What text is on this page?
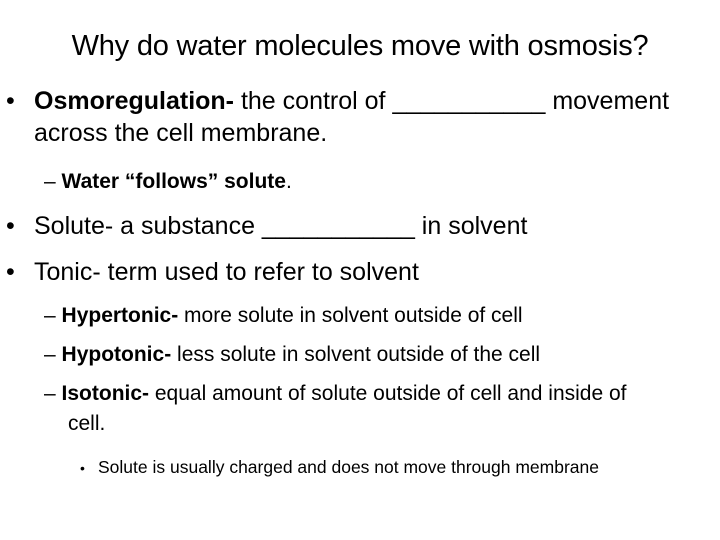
Why do water molecules move with osmosis?
• Osmoregulation- the control of ___________ movement across the cell membrane.
– Water “follows” solute.
• Solute- a substance ___________ in solvent
• Tonic- term used to refer to solvent
– Hypertonic- more solute in solvent outside of cell
– Hypotonic- less solute in solvent outside of the cell
– Isotonic- equal amount of solute outside of cell and inside of cell.
• Solute is usually charged and does not move through membrane
